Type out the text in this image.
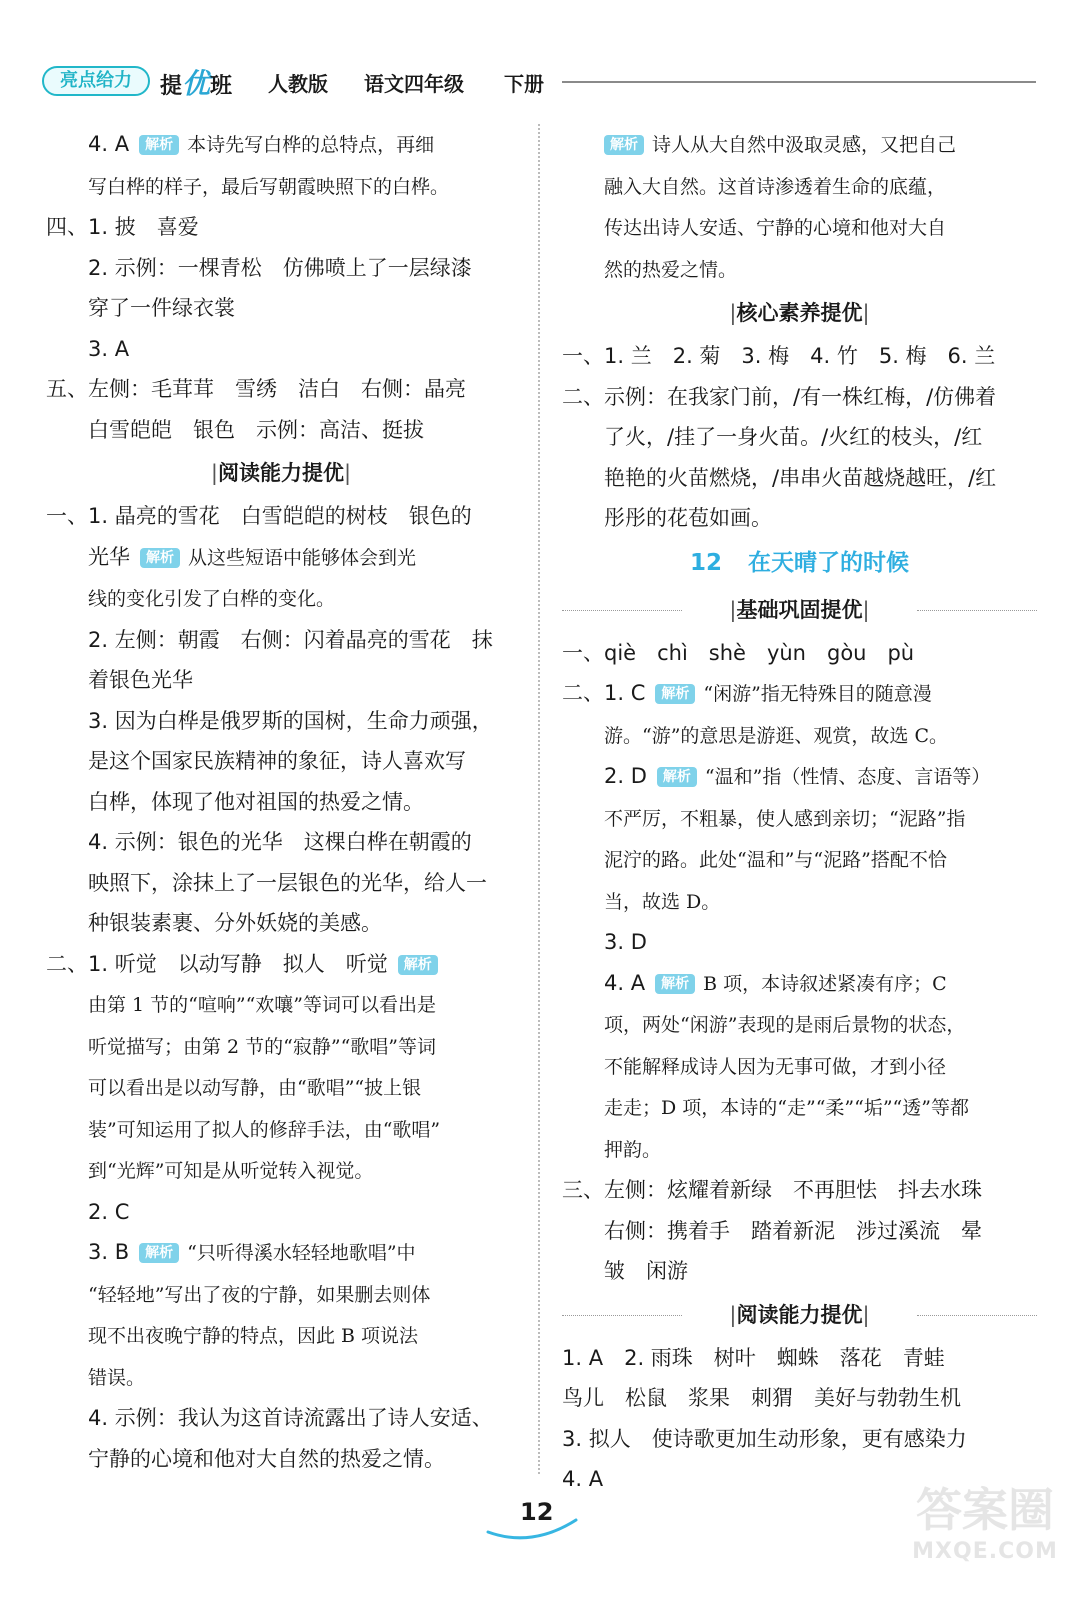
亮点给力	提优班 人教版 语文四年级 下册
4. A 解析 本诗先写白桦的总特点，再细
写白桦的样子，最后写朝霞映照下的白桦。
四、1. 披　喜爱
2. 示例：一棵青松　仿佛喷上了一层绿漆
穿了一件绿衣裳
3. A
五、左侧：毛茸茸　雪绣　洁白　右侧：晶亮
白雪皑皑　银色　示例：高洁、挺拔
|阅读能力提优|
一、1. 晶亮的雪花　白雪皑皑的树枝　银色的
光华 解析 从这些短语中能够体会到光
线的变化引发了白桦的变化。
2. 左侧：朝霞　右侧：闪着晶亮的雪花　抹
着银色光华
3. 因为白桦是俄罗斯的国树，生命力顽强，
是这个国家民族精神的象征，诗人喜欢写
白桦，体现了他对祖国的热爱之情。
4. 示例：银色的光华　这棵白桦在朝霞的
映照下，涂抹上了一层银色的光华，给人一
种银装素裹、分外妖娆的美感。
二、1. 听觉　以动写静　拟人　听觉 解析
由第 1 节的“喧响”“欢嚷”等词可以看出是
听觉描写；由第 2 节的“寂静”“歌唱”等词
可以看出是以动写静，由“歌唱”“披上银
装”可知运用了拟人的修辞手法，由“歌唱”
到“光辉”可知是从听觉转入视觉。
2. C
3. B 解析 “只听得溪水轻轻地歌唱”中
“轻轻地”写出了夜的宁静，如果删去则体
现不出夜晚宁静的特点，因此 B 项说法
错误。
4. 示例：我认为这首诗流露出了诗人安适、
宁静的心境和他对大自然的热爱之情。
解析 诗人从大自然中汲取灵感，又把自己
融入大自然。这首诗渗透着生命的底蕴，
传达出诗人安适、宁静的心境和他对大自
然的热爱之情。
|核心素养提优|
一、1. 兰　2. 菊　3. 梅　4. 竹　5. 梅　6. 兰
二、示例：在我家门前，/有一株红梅，/仿佛着
了火，/挂了一身火苗。/火红的枝头，/红
艳艳的火苗燃烧，/串串火苗越烧越旺，/红
彤彤的花苞如画。
12 在天晴了的时候
|基础巩固提优|
一、qiè　chì　shè　yùn　gòu　pù
二、1. C 解析 “闲游”指无特殊目的随意漫
游。“游”的意思是游逛、观赏，故选 C。
2. D 解析 “温和”指（性情、态度、言语等）
不严厉，不粗暴，使人感到亲切；“泥路”指
泥泞的路。此处“温和”与“泥路”搭配不恰
当，故选 D。
3. D
4. A 解析 B 项，本诗叙述紧凑有序；C
项，两处“闲游”表现的是雨后景物的状态，
不能解释成诗人因为无事可做，才到小径
走走；D 项，本诗的“走”“柔”“垢”“透”等都
押韵。
三、左侧：炫耀着新绿　不再胆怯　抖去水珠
右侧：携着手　踏着新泥　涉过溪流　晕
皱　闲游
|阅读能力提优|
1. A　2. 雨珠　树叶　蜘蛛　落花　青蛙
鸟儿　松鼠　浆果　刺猬　美好与勃勃生机
3. 拟人　使诗歌更加生动形象，更有感染力
4. A
12	答案圈
MXQE.COM
